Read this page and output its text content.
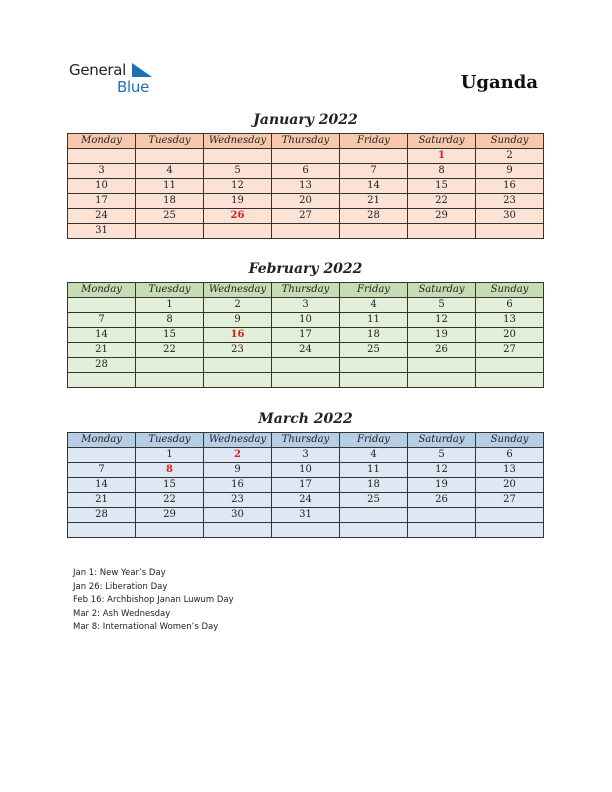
General
Blue	Uganda
January 2022
Monday	Tuesday	Wednesday	Thursday	Friday	Saturday	Sunday
					1	2
3	4	5	6	7	8	9
10	11	12	13	14	15	16
17	18	19	20	21	22	23
24	25	26	27	28	29	30
31						
February 2022
Monday	Tuesday	Wednesday	Thursday	Friday	Saturday	Sunday
	1	2	3	4	5	6
7	8	9	10	11	12	13
14	15	16	17	18	19	20
21	22	23	24	25	26	27
28						

March 2022
Monday	Tuesday	Wednesday	Thursday	Friday	Saturday	Sunday
	1	2	3	4	5	6
7	8	9	10	11	12	13
14	15	16	17	18	19	20
21	22	23	24	25	26	27
28	29	30	31			

Jan 1: New Year’s Day
Jan 26: Liberation Day
Feb 16: Archbishop Janan Luwum Day
Mar 2: Ash Wednesday
Mar 8: International Women’s Day
